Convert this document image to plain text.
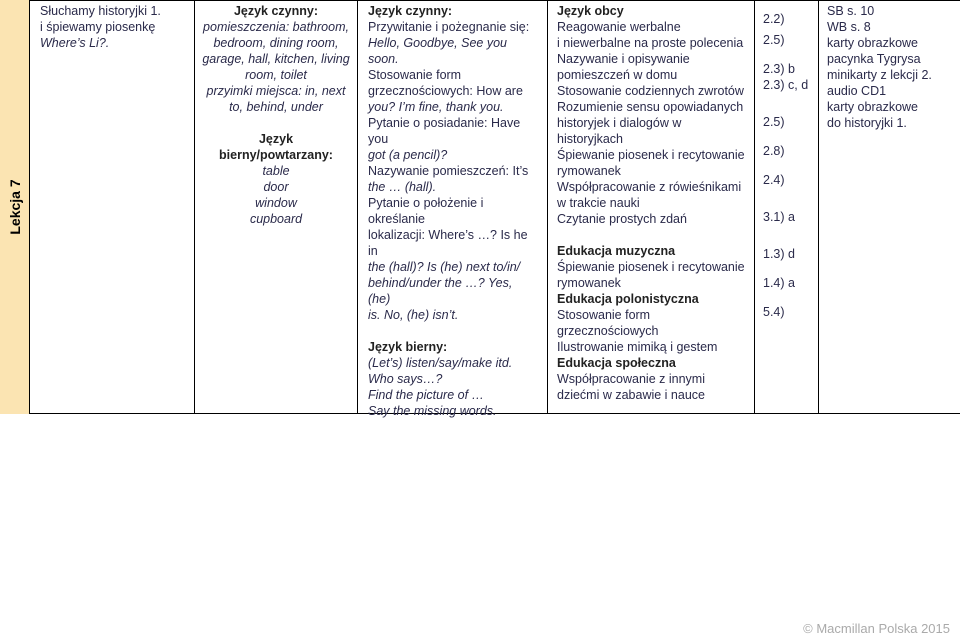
Lekcja 7
Słuchamy historyjki 1.
i śpiewamy piosenkę
Where’s Li?.
Język czynny:
pomieszczenia: bathroom,
bedroom, dining room,
garage, hall, kitchen, living
room, toilet
przyimki miejsca: in, next
to, behind, under
Język bierny/powtarzany:
table
door
window
cupboard
Język czynny:
Przywitanie i pożegnanie się:
Hello, Goodbye, See you soon.
Stosowanie form
grzecznościowych: How are
you? I’m fine, thank you.
Pytanie o posiadanie: Have you
got (a pencil)?
Nazywanie pomieszczeń: It’s
the … (hall).
Pytanie o położenie i określanie
lokalizacji: Where’s …? Is he in
the (hall)? Is (he) next to/in/
behind/under the …? Yes, (he)
is. No, (he) isn’t.
Język bierny:
(Let’s) listen/say/make itd.
Who says…?
Find the picture of …
Say the missing words.
Język obcy
Reagowanie werbalne
i niewerbalne na proste polecenia
Nazywanie i opisywanie
pomieszczeń w domu
Stosowanie codziennych zwrotów
Rozumienie sensu opowiadanych
historyjek i dialogów w
historyjkach
Śpiewanie piosenek i recytowanie
rymowanek
Współpracowanie z rówieśnikami
w trakcie nauki
Czytanie prostych zdań
Edukacja muzyczna
Śpiewanie piosenek i recytowanie
rymowanek
Edukacja polonistyczna
Stosowanie form
grzecznościowych
Ilustrowanie mimiką i gestem
Edukacja społeczna
Współpracowanie z innymi
dziećmi w zabawie i nauce
2.2)
2.5)
2.3) b
2.3) c, d
2.5)
2.8)
2.4)
3.1) a
1.3) d
1.4) a
5.4)
SB s. 10
WB s. 8
karty obrazkowe
pacynka Tygrysa
minikarty z lekcji 2.
audio CD1
karty obrazkowe
do historyjki 1.
© Macmillan Polska 2015
